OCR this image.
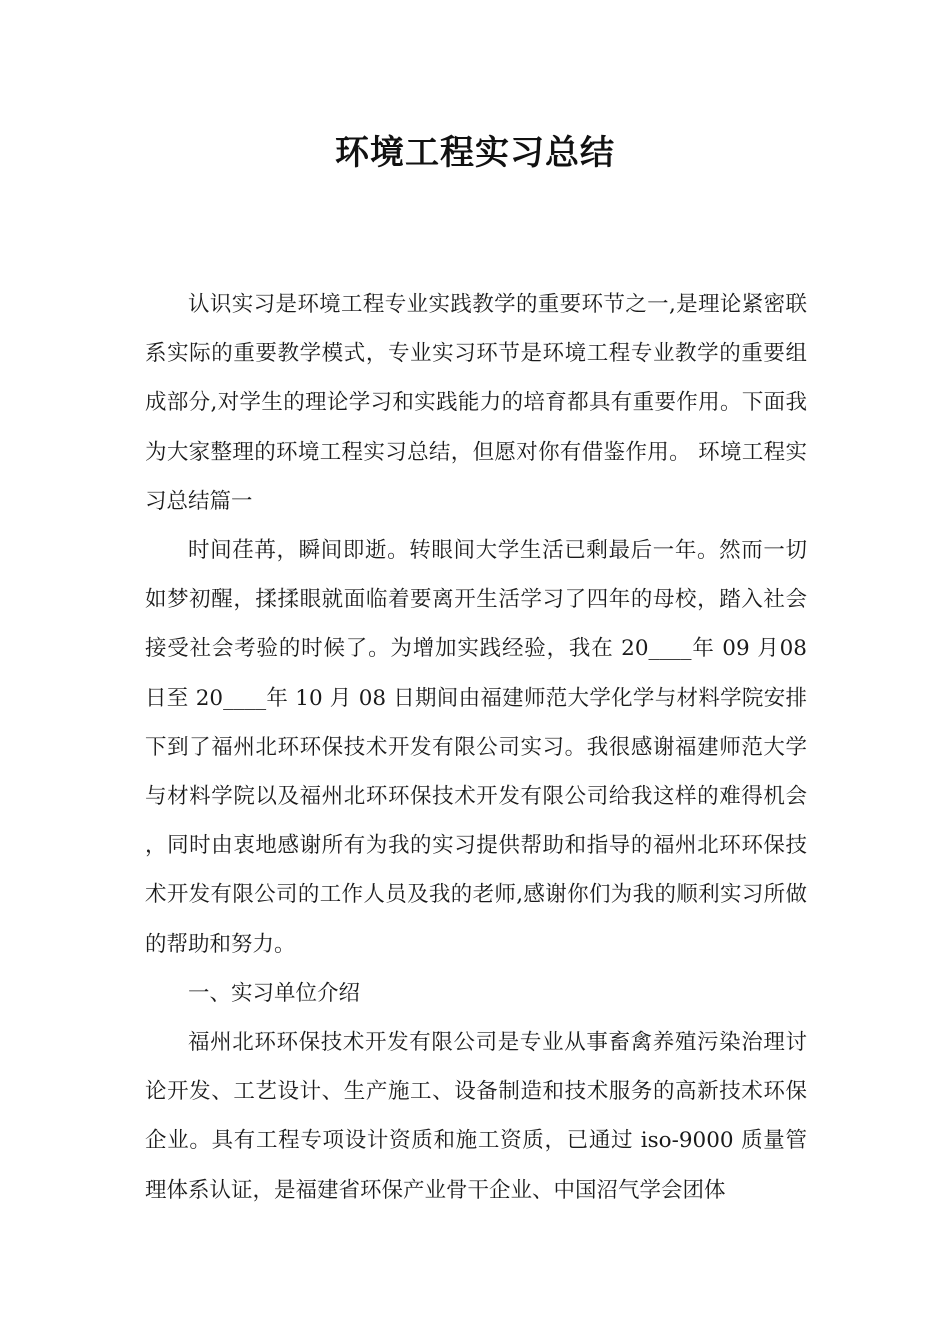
环境工程实习总结

认识实习是环境工程专业实践教学的重要环节之一,是理论紧密联系实际的重要教学模式，专业实习环节是环境工程专业教学的重要组成部分,对学生的理论学习和实践能力的培育都具有重要作用。下面我为大家整理的环境工程实习总结，但愿对你有借鉴作用。 环境工程实习总结篇一

时间荏苒，瞬间即逝。转眼间大学生活已剩最后一年。然而一切如梦初醒，揉揉眼就面临着要离开生活学习了四年的母校，踏入社会接受社会考验的时候了。为增加实践经验，我在 20____年 09 月08 日至 20____年 10 月 08 日期间由福建师范大学化学与材料学院安排下到了福州北环环保技术开发有限公司实习。我很感谢福建师范大学与材料学院以及福州北环环保技术开发有限公司给我这样的难得机会，同时由衷地感谢所有为我的实习提供帮助和指导的福州北环环保技术开发有限公司的工作人员及我的老师,感谢你们为我的顺利实习所做的帮助和努力。

一、实习单位介绍

福州北环环保技术开发有限公司是专业从事畜禽养殖污染治理讨论开发、工艺设计、生产施工、设备制造和技术服务的高新技术环保企业。具有工程专项设计资质和施工资质，已通过 iso-9000 质量管理体系认证，是福建省环保产业骨干企业、中国沼气学会团体
